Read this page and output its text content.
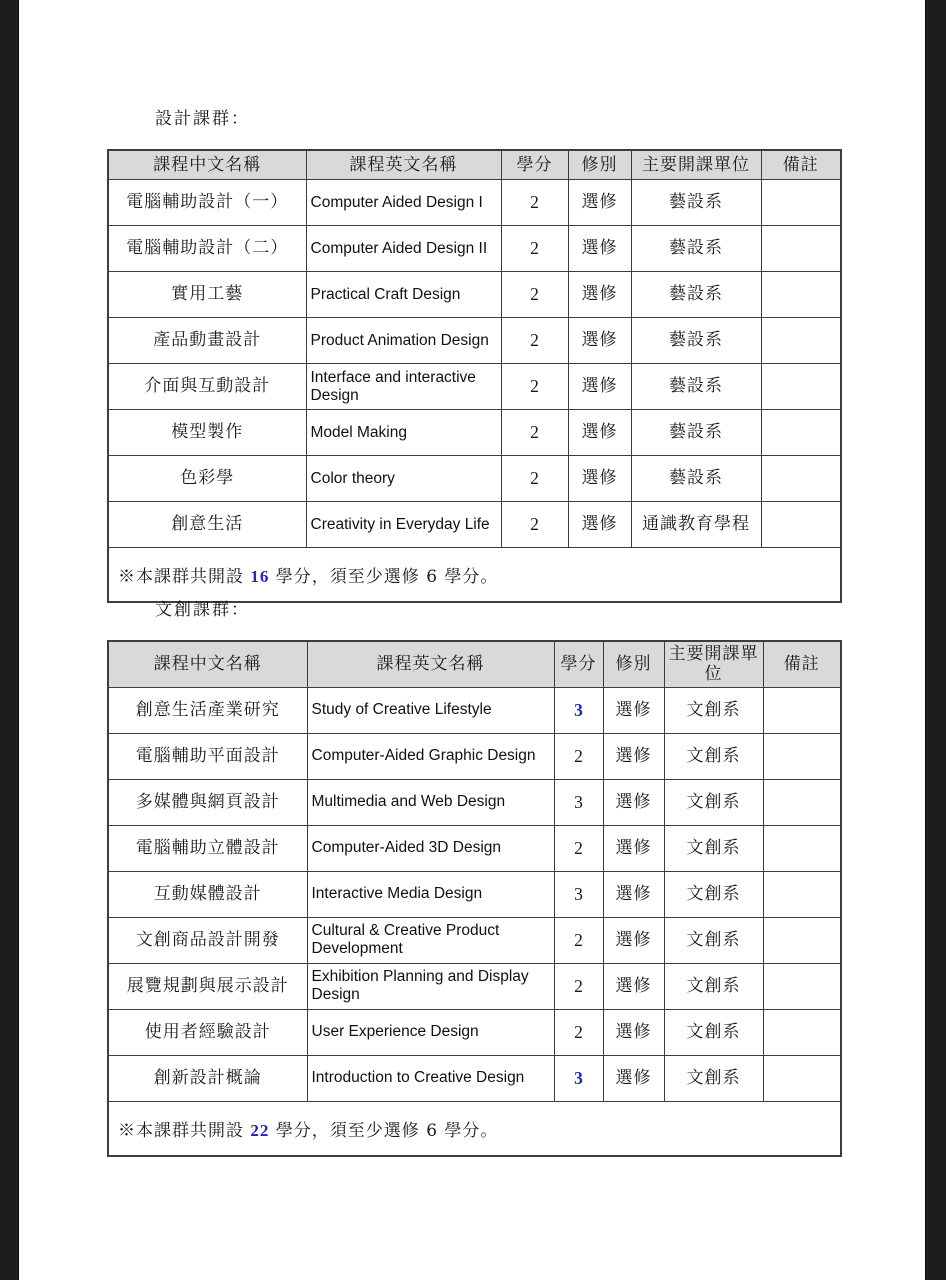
設計課群：
課程中文名稱	課程英文名稱	學分	修別	主要開課單位	備註
電腦輔助設計（一）	Computer Aided Design I	2	選修	藝設系	
電腦輔助設計（二）	Computer Aided Design II	2	選修	藝設系	
實用工藝	Practical Craft Design	2	選修	藝設系	
產品動畫設計	Product Animation Design	2	選修	藝設系	
介面與互動設計	Interface and interactive Design	2	選修	藝設系	
模型製作	Model Making	2	選修	藝設系	
色彩學	Color theory	2	選修	藝設系	
創意生活	Creativity in Everyday Life	2	選修	通識教育學程	
※本課群共開設 16 學分，須至少選修 6 學分。					
文創課群：
課程中文名稱	課程英文名稱	學分	修別	主要開課單位	備註
創意生活產業研究	Study of Creative Lifestyle	3	選修	文創系	
電腦輔助平面設計	Computer-Aided Graphic Design	2	選修	文創系	
多媒體與網頁設計	Multimedia and Web Design	3	選修	文創系	
電腦輔助立體設計	Computer-Aided 3D Design	2	選修	文創系	
互動媒體設計	Interactive Media Design	3	選修	文創系	
文創商品設計開發	Cultural & Creative Product Development	2	選修	文創系	
展覽規劃與展示設計	Exhibition Planning and Display Design	2	選修	文創系	
使用者經驗設計	User Experience Design	2	選修	文創系	
創新設計概論	Introduction to Creative Design	3	選修	文創系	
※本課群共開設 22 學分，須至少選修 6 學分。					
